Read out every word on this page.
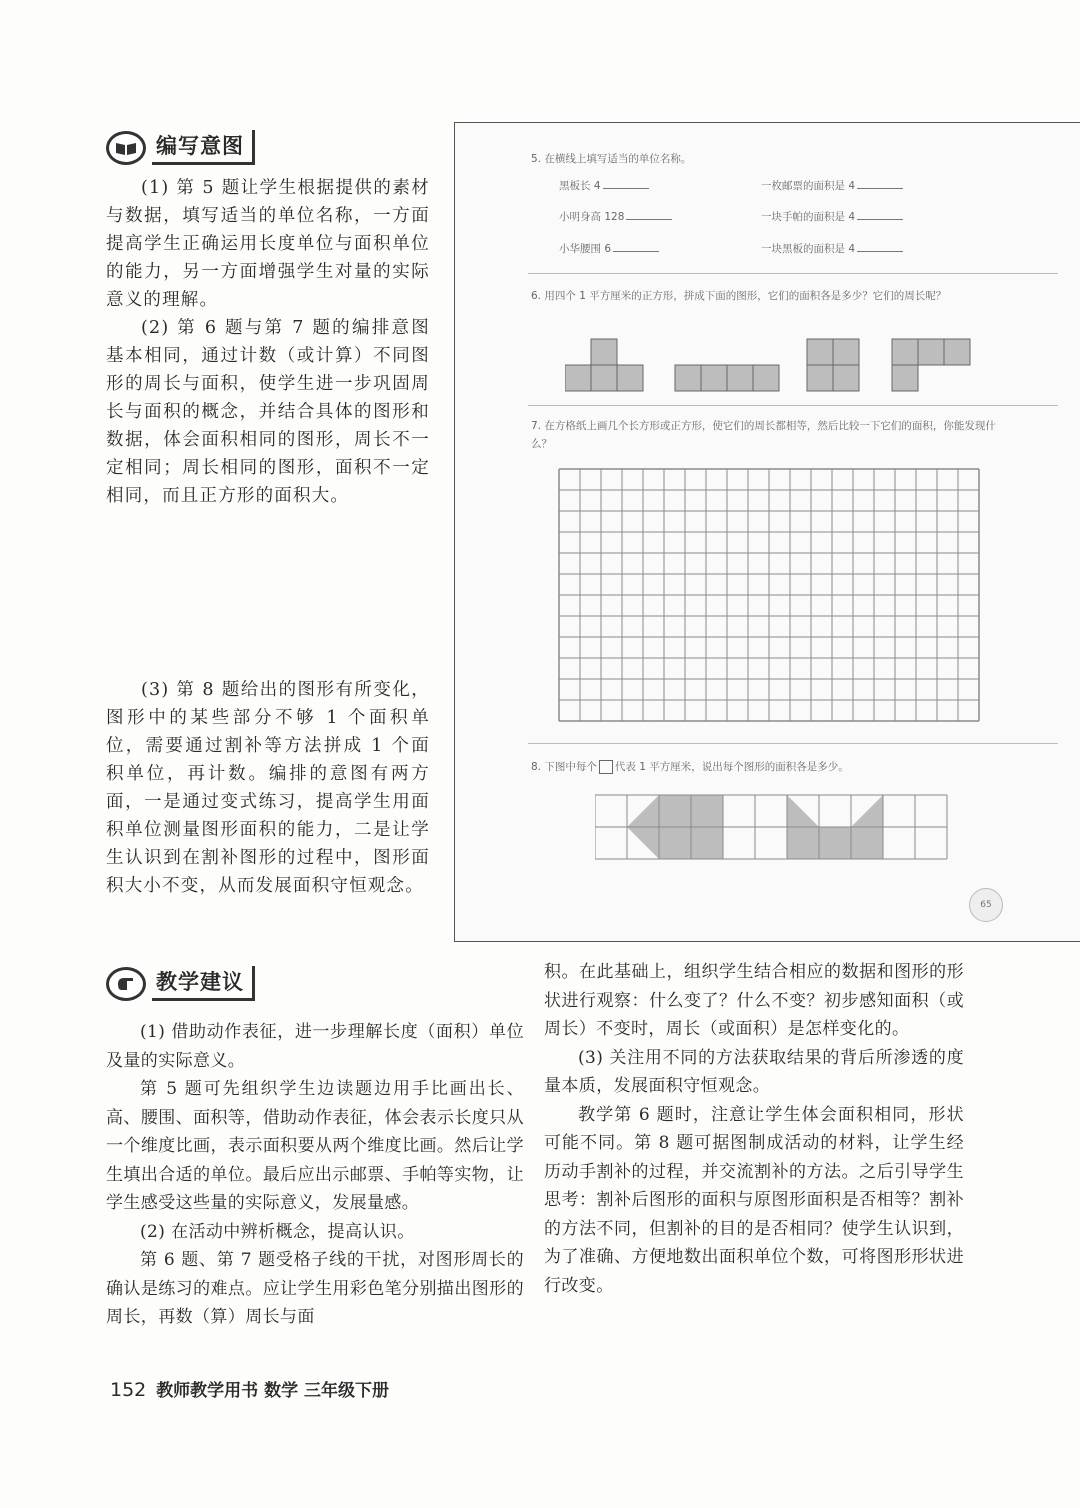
编写意图

(1) 第 5 题让学生根据提供的素材与数据，填写适当的单位名称，一方面提高学生正确运用长度单位与面积单位的能力，另一方面增强学生对量的实际意义的理解。

(2) 第 6 题与第 7 题的编排意图基本相同，通过计数（或计算）不同图形的周长与面积，使学生进一步巩固周长与面积的概念，并结合具体的图形和数据，体会面积相同的图形，周长不一定相同；周长相同的图形，面积不一定相同，而且正方形的面积大。

(3) 第 8 题给出的图形有所变化，图形中的某些部分不够 1 个面积单位，需要通过割补等方法拼成 1 个面积单位，再计数。编排的意图有两方面，一是通过变式练习，提高学生用面积单位测量图形面积的能力，二是让学生认识到在割补图形的过程中，图形面积大小不变，从而发展面积守恒观念。

5. 在横线上填写适当的单位名称。
黑板长 4	一枚邮票的面积是 4
小明身高 128	一块手帕的面积是 4
小华腰围 6	一块黑板的面积是 4
6. 用四个 1 平方厘米的正方形，拼成下面的图形，它们的面积各是多少？它们的周长呢？
7. 在方格纸上画几个长方形或正方形，使它们的周长都相等，然后比较一下它们的面积，你能发现什么？
8. 下图中每个 代表 1 平方厘米，说出每个图形的面积各是多少。
65
教学建议

(1) 借助动作表征，进一步理解长度（面积）单位及量的实际意义。

第 5 题可先组织学生边读题边用手比画出长、高、腰围、面积等，借助动作表征，体会表示长度只从一个维度比画，表示面积要从两个维度比画。然后让学生填出合适的单位。最后应出示邮票、手帕等实物，让学生感受这些量的实际意义，发展量感。

(2) 在活动中辨析概念，提高认识。

第 6 题、第 7 题受格子线的干扰，对图形周长的确认是练习的难点。应让学生用彩色笔分别描出图形的周长，再数（算）周长与面

积。在此基础上，组织学生结合相应的数据和图形的形状进行观察：什么变了？什么不变？初步感知面积（或周长）不变时，周长（或面积）是怎样变化的。

(3) 关注用不同的方法获取结果的背后所渗透的度量本质，发展面积守恒观念。

教学第 6 题时，注意让学生体会面积相同，形状可能不同。第 8 题可据图制成活动的材料，让学生经历动手割补的过程，并交流割补的方法。之后引导学生思考：割补后图形的面积与原图形面积是否相等？割补的方法不同，但割补的目的是否相同？使学生认识到，为了准确、方便地数出面积单位个数，可将图形形状进行改变。

152 教师教学用书 数学 三年级下册
